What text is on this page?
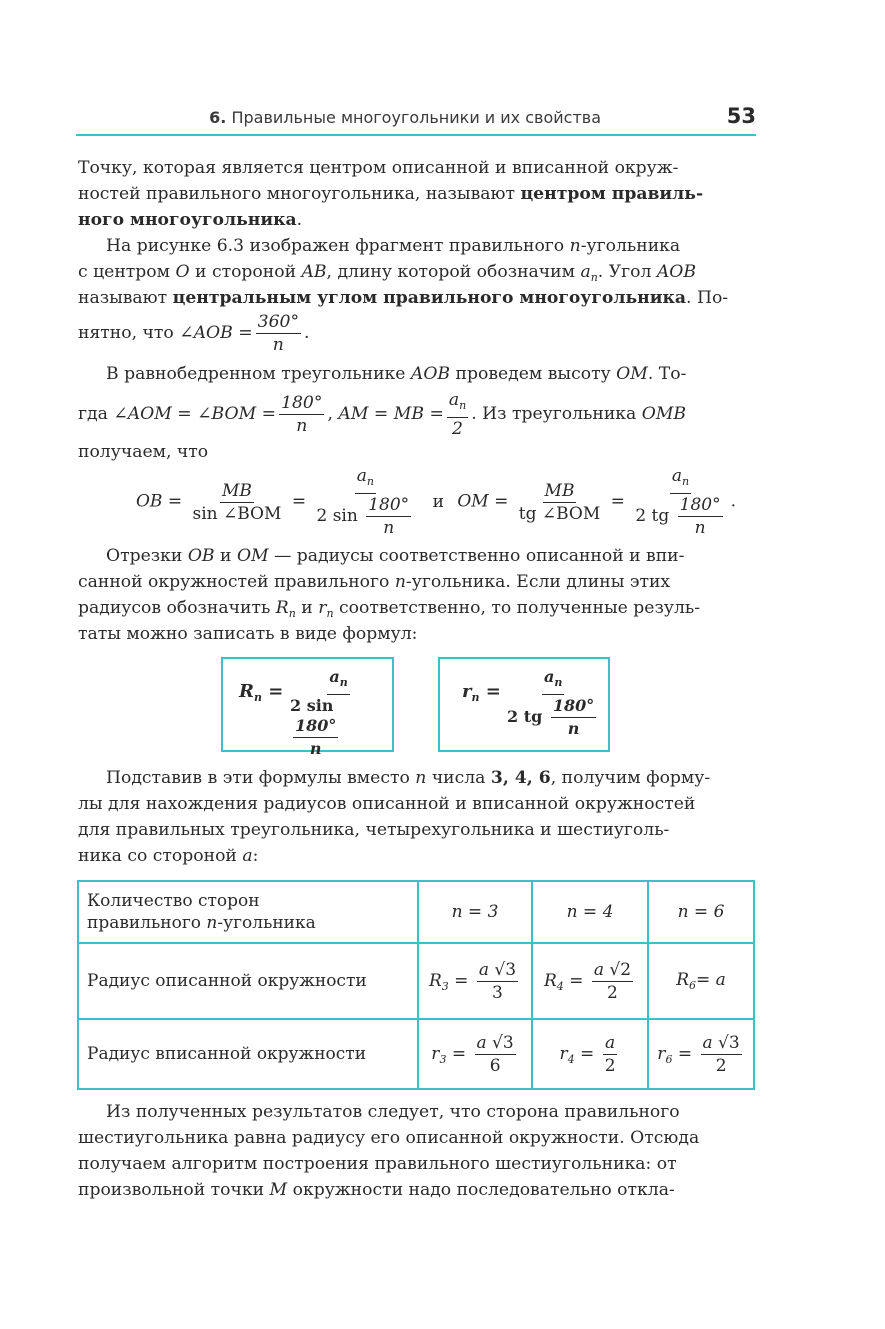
6. Правильные многоугольники и их свойства	53
Точку, которая является центром описанной и вписанной окруж-
ностей правильного многоугольника, называют центром правиль-
ного многоугольника.
На рисунке 6.3 изображен фрагмент правильного n-угольника
с центром O и стороной AB, длину которой обозначим $a_n$. Угол AOB
называют центральным углом правильного многоугольника. По-
нятно, что ∠AOB = $\frac{360^\circ}{n}$ .
В равнобедренном треугольнике AOB проведем высоту OM. То-
гда ∠AOM = ∠BOM = $\frac{180^\circ}{n}$ , AM = MB = $\frac{a_n}{2}$ . Из треугольника OMB
получаем, что
OB = $\frac{MB}{\text{sin ∠BOM}} = \frac{a_n}{2 \sin \frac{180^\circ}{n}}$ и OM = $\frac{MB}{\text{tg ∠BOM}} = \frac{a_n}{2 tg \frac{180^\circ}{n}}$ .
Отрезки OB и OM — радиусы соответственно описанной и впи-
санной окружностей правильного n-угольника. Если длины этих
радиусов обозначить $R_n$ и $r_n$ соответственно, то полученные резуль-
таты можно записать в виде формул:
$R_n = a_n$
2 sin
$\frac{180^\circ}{n}$	$r_n = \frac{a_n}{2 tg \frac{180^\circ}{n}}$
Подставив в эти формулы вместо n числа 3, 4, 6, получим форму-
лы для нахождения радиусов описанной и вписанной окружностей
для правильных треугольника, четырехугольника и шестиуголь-
ника со стороной a:
Количество сторон
правильного n-угольника	n = 3	n = 4	n = 6
Радиус описанной окружности	$R_3 = \frac{a √3}{3}$	$R_4 = \frac{a √2}{2}$	$R_6= a$
Радиус вписанной окружности	$r_3 = \frac{a √3}{6}$	$r_4 = \frac{a}{2}$	$r_6 = \frac{a √3}{2}$
Из полученных результатов следует, что сторона правильного
шестиугольника равна радиусу его описанной окружности. Отсюда
получаем алгоритм построения правильного шестиугольника: от
произвольной точки M окружности надо последовательно откла-
